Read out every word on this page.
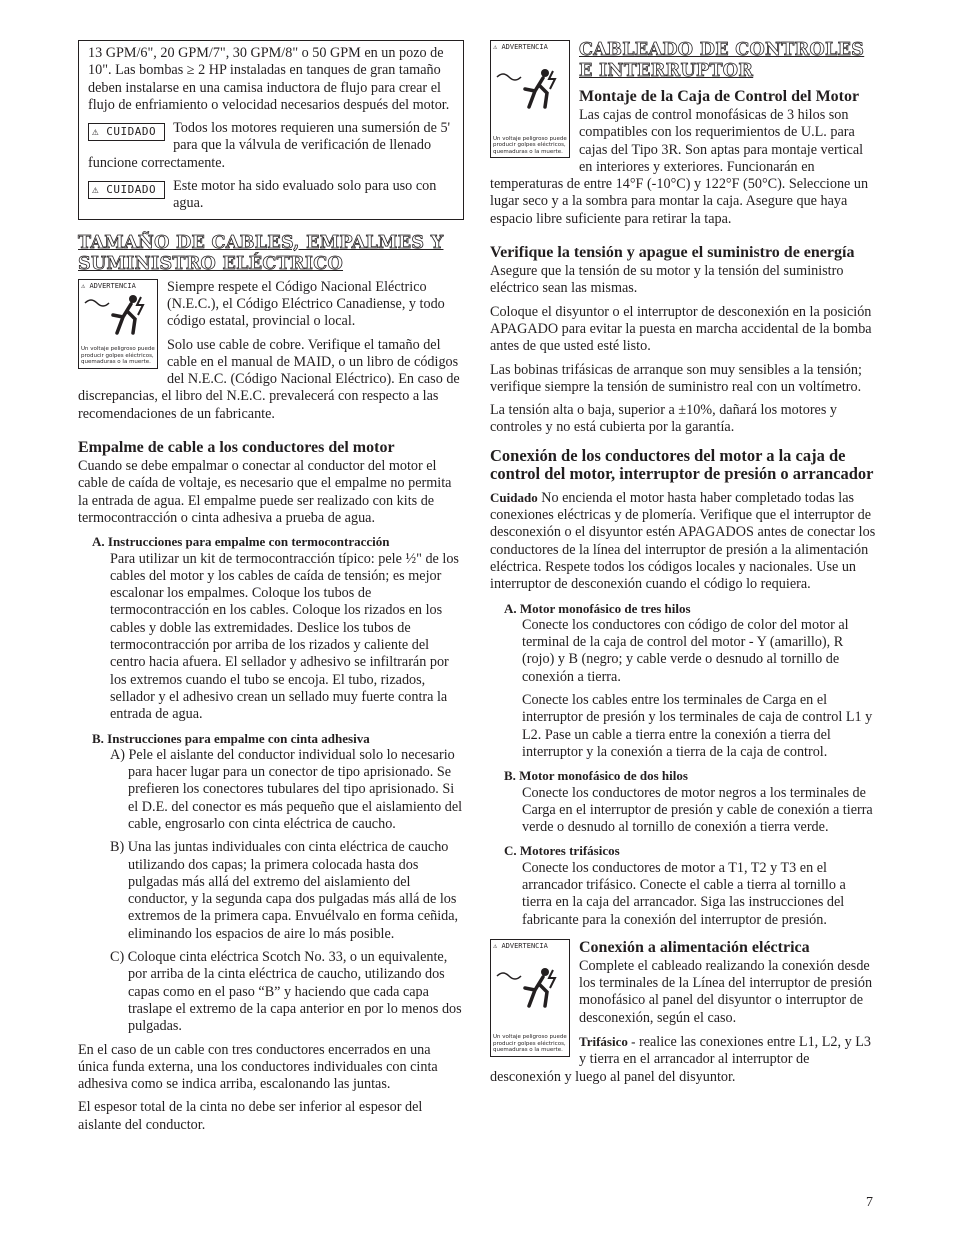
13 GPM/6", 20 GPM/7", 30 GPM/8" o 50 GPM en un pozo de 10". Las bombas ≥ 2 HP instaladas en tanques de gran tamaño deben instalarse en una camisa inductora de flujo para crear el flujo de enfriamiento o velocidad necesarios después del motor.

⚠ CUIDADO	Todos los motores requieren una sumersión de 5' para que la válvula de verificación de llenado funcione correctamente.
⚠ CUIDADO	Este motor ha sido evaluado solo para uso con agua.
TAMAÑO DE CABLES, EMPALMES Y SUMINISTRO ELÉCTRICO
⚠ ADVERTENCIA
Un voltaje peligroso puede producir golpes eléctricos, quemaduras o la muerte.

Siempre respete el Código Nacional Eléctrico (N.E.C.), el Código Eléctrico Canadiense, y todo código estatal, provincial o local.

Solo use cable de cobre. Verifique el tamaño del cable en el manual de MAID, o un libro de códigos del N.E.C. (Código Nacional Eléctrico). En caso de discrepancias, el libro del N.E.C. prevalecerá con respecto a las recomendaciones de un fabricante.

Empalme de cable a los conductores del motor

Cuando se debe empalmar o conectar al conductor del motor el cable de caída de voltaje, es necesario que el empalme no permita la entrada de agua. El empalme puede ser realizado con kits de termocontracción o cinta adhesiva a prueba de agua.

A. Instrucciones para empalme con termocontracción

Para utilizar un kit de termocontracción típico: pele ½" de los cables del motor y los cables de caída de tensión; es mejor escalonar los empalmes. Coloque los tubos de termocontracción en los cables. Coloque los rizados en los cables y doble las extremidades. Deslice los tubos de termocontracción por arriba de los rizados y caliente del centro hacia afuera. El sellador y adhesivo se infiltrarán por los extremos cuando el tubo se encoja. El tubo, rizados, sellador y el adhesivo crean un sellado muy fuerte contra la entrada de agua.

B. Instrucciones para empalme con cinta adhesiva

A) Pele el aislante del conductor individual solo lo necesario para hacer lugar para un conector de tipo aprisionado. Se prefieren los conectores tubulares del tipo aprisionado. Si el D.E. del conector es más pequeño que el aislamiento del cable, engrosarlo con cinta eléctrica de caucho.

B) Una las juntas individuales con cinta eléctrica de caucho utilizando dos capas; la primera colocada hasta dos pulgadas más allá del extremo del aislamiento del conductor, y la segunda capa dos pulgadas más allá de los extremos de la primera capa. Envuélvalo en forma ceñida, eliminando los espacios de aire lo más posible.

C) Coloque cinta eléctrica Scotch No. 33, o un equivalente, por arriba de la cinta eléctrica de caucho, utilizando dos capas como en el paso “B” y haciendo que cada capa traslape el extremo de la capa anterior en por lo menos dos pulgadas.

En el caso de un cable con tres conductores encerrados en una única funda externa, una los conductores individuales con cinta adhesiva como se indica arriba, escalonando las juntas.

El espesor total de la cinta no debe ser inferior al espesor del aislante del conductor.

⚠ ADVERTENCIA
Un voltaje peligroso puede producir golpes eléctricos, quemaduras o la muerte.
CABLEADO DE CONTROLES E INTERRUPTOR
Montaje de la Caja de Control del Motor

Las cajas de control monofásicas de 3 hilos son compatibles con los requerimientos de U.L. para cajas del Tipo 3R. Son aptas para montaje vertical en interiores y exteriores. Funcionarán en temperaturas de entre 14°F (-10°C) y 122°F (50°C). Seleccione un lugar seco y a la sombra para montar la caja. Asegure que haya espacio libre suficiente para retirar la tapa.

Verifique la tensión y apague el suministro de energía

Asegure que la tensión de su motor y la tensión del suministro eléctrico sean las mismas.

Coloque el disyuntor o el interruptor de desconexión en la posición APAGADO para evitar la puesta en marcha accidental de la bomba antes de que usted esté listo.

Las bobinas trifásicas de arranque son muy sensibles a la tensión; verifique siempre la tensión de suministro real con un voltímetro.

La tensión alta o baja, superior a ±10%, dañará los motores y controles y no está cubierta por la garantía.

Conexión de los conductores del motor a la caja de control del motor, interruptor de presión o arrancador

Cuidado No encienda el motor hasta haber completado todas las conexiones eléctricas y de plomería. Verifique que el interruptor de desconexión o el disyuntor estén APAGADOS antes de conectar los conductores de la línea del interruptor de presión a la alimentación eléctrica. Respete todos los códigos locales y nacionales. Use un interruptor de desconexión cuando el código lo requiera.

A. Motor monofásico de tres hilos

Conecte los conductores con código de color del motor al terminal de la caja de control del motor - Y (amarillo), R (rojo) y B (negro; y cable verde o desnudo al tornillo de conexión a tierra.

Conecte los cables entre los terminales de Carga en el interruptor de presión y los terminales de caja de control L1 y L2. Pase un cable a tierra entre la conexión a tierra del interruptor y la conexión a tierra de la caja de control.

B. Motor monofásico de dos hilos

Conecte los conductores de motor negros a los terminales de Carga en el interruptor de presión y cable de conexión a tierra verde o desnudo al tornillo de conexión a tierra verde.

C. Motores trifásicos

Conecte los conductores de motor a T1, T2 y T3 en el arrancador trifásico. Conecte el cable a tierra al tornillo a tierra en la caja del arrancador. Siga las instrucciones del fabricante para la conexión del interruptor de presión.

⚠ ADVERTENCIA
Un voltaje peligroso puede producir golpes eléctricos, quemaduras o la muerte.
Conexión a alimentación eléctrica

Complete el cableado realizando la conexión desde los terminales de la Línea del interruptor de presión monofásico al panel del disyuntor o interruptor de desconexión, según el caso.

Trifásico - realice las conexiones entre L1, L2, y L3 y tierra en el arrancador al interruptor de desconexión y luego al panel del disyuntor.

7
